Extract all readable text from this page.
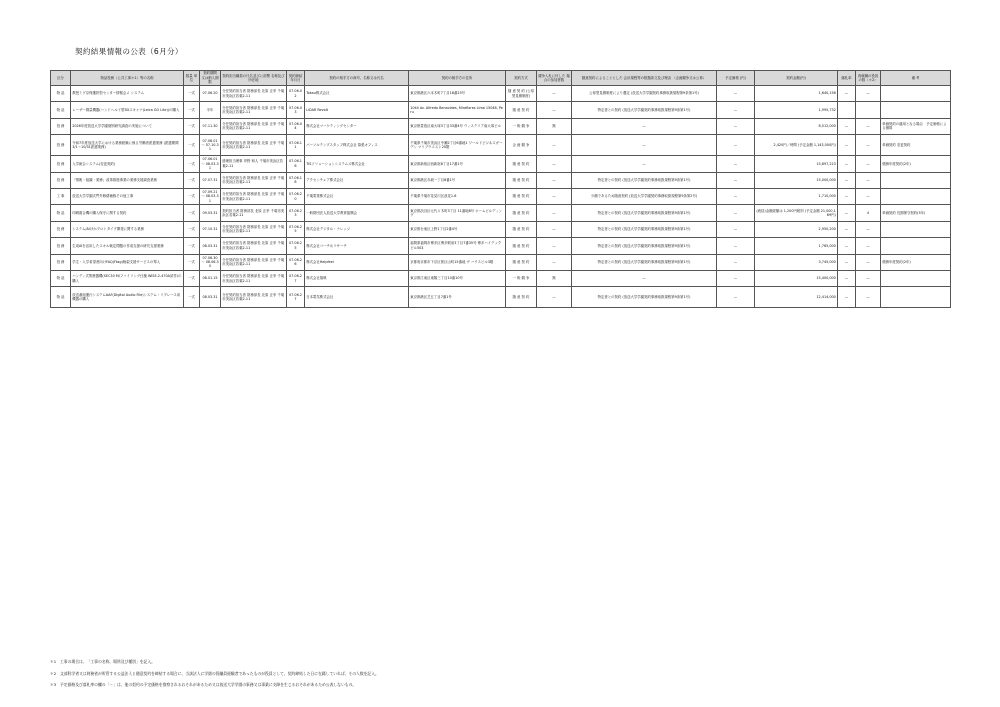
契約結果情報の公表（6月分）
区分	物品役務（公共工事＊1）等の名称	数量 単位	契約期間 又は納入期限	契約担当職員の氏名並びに部署 名称及び所在地	契約締結 年月日	契約の相手方の商号、名称又は氏名	契約の相手方の住所	契約方式	競争入札に付した 場合の参加者数	随意契約によることとした 会計規程等の根拠条文及び理由 （企画競争又は公募）	予定価格 (円)	契約金額(円)	落札率	再就職の役員 の数（＊2）	備 考
物 品	教授ミグ京保選択型センター情報会メ システム	一式	07.06.20	分任契約担当者 財務部長 北原 正孝 千葉市美浜区若葉2-11	07.06.02	Tokau株式会社	東京都港区六本木町7丁目18番23号	随 意 契 約 (公募型見積制度)	—	公募型見積制度により選定 (放送大学学園契約事務取扱規程第9条第1号)	—	1,640,156	—	—	
物 品	レーザー測量機器(ハンドヘルド型3Dスキャナ(Leica GO Lite))の購入	一式	半年	分任契約担当者 財務部長 北原 正孝 千葉市美浜区若葉2-11	07.06.03	LiDAR Revolt	1044 Av. Alfredo Benavides, Miraflores Lima 15048, Peru	随 意 契 約	—	特定者との契約 (放送大学学園契約事務取扱規程第9条第1号)	—	1,995,732			
役 務	2026年度放送大学学園個別研究調査の実施について	一式	07.11.30	分任契約担当者 財務部長 北原 正孝 千葉市美浜区若葉2-11	07.06.04	株式会社マーケティングセンター	東京都豊島区南大塚3丁目33番4号 ウィステリア南大塚ビル	一 般 競 争	無	—	—	8,512,000	—	—	単価契約の適用となる場合　予定価格による積算
役 務	令和7年度放送大学における業務経験に係る労働者派遣業務 (派遣期間 3/1～10/31派遣業務)	一式	07.08.01～ 07.10.31	分任契約担当者 財務部長 北原 正孝 千葉市美浜区若葉2-11	07.06.11	パーソルテンプスタッフ株式会社 幕張オフィス	千葉県千葉市美浜区中瀬2丁目6番地1 ワールドビジネスガーデン マリブウエスト20階	企 画 競 争	—	—	—	2,420円／時間 (予定金額 1,143,000円)	—	—	単価契約 変更契約
役 務	入学統合システム(変更契約)	一式	07.06.01～ 08.03.31	経理担当理事 岸野 和人 千葉市美浜区若葉2-11	07.06.16	TISソリューションシステムズ株式会社	東京都新宿区西新宿8丁目17番1号	随 意 契 約	—	—	—	15,897,223	—	—	債務年度契約(2年)
役 務	「情報・組織・業務」改革推進事業の業務支援調査業務	一式	07.07.31	分任契約担当者 財務部長 北原 正孝 千葉市美浜区若葉2-11	07.06.18	アクセンチュア株式会社	東京都港区赤坂一丁目8番1号	随 意 契 約	—	特定者との契約 (放送大学学園契約事務取扱規程第9条第1号)	—	15,000,000	—	—	
工 事	放送大学学園式門外修繕補修その他工事	一式	07.09.21～ 08.03.31	分任契約担当者 財務部長 北原 正孝 千葉市美浜区若葉2-11	07.06.20	千葉電業株式会社	千葉県千葉市花見川区浪花1-6	随 意 契 約	—	少額であるため随意契約 (放送大学学園契約事務取扱規程第9条第2号)	—	1,710,000	—	—	
物 品	印刷複合機の購入保守に関する契約	一式	09.03.31	契約担当者 財務部長 北原 正孝 千葉市美浜区若葉2-11	07.06.23	一般財団法人放送大学教育振興会	東京都渋谷区元代々木町3丁目 11番地8号 ホームビルディング	随 意 契 約	—	特定者との契約 (放送大学学園契約事務取扱規程第9条第1号)	—	(統括)金額総額は 1,200円税別 (予定金額 21,000,169円)	—	4	単価契約 長期保守契約(5年)
役 務	システム/AIほかプロトタイプ開発に関する業務	一式	07.10.31	分任契約担当者 財務部長 北原 正孝 千葉市美浜区若葉2-11	07.06.25	株式会社デジタル・ナレッジ	東京都台東区上野1丁目2番4号	随 意 契 約	—	特定者との契約 (放送大学学園契約事務取扱規程第9条第1号)	—	2,950,200	—	—	
役 務	生成AIを活用したスキル検定問題の作成支援の研究支援業務	一式	08.03.31	分任契約担当者 財務部長 北原 正孝 千葉市美浜区若葉2-11	07.06.25	株式会社コーチ＆リサーチ	福岡県福岡市博多区博多駅前3丁目7番35号 博多ハイテックビル503	随 意 契 約	—	特定者との契約 (放送大学学園契約事務取扱規程第9条第1号)	—	1,765,000	—	—	
役 務	学生・入学希望者向けFAQ(Ftag)検索支援サービスの導入	一式	07.06.30～ 08.06.30	分任契約担当者 財務部長 北原 正孝 千葉市美浜区若葉2-11	07.06.26	株式会社Helpfeel	京都府京都市下京区郭巨山町15番地 ザ ハウスビル3階	随 意 契 約	—	特定者との契約 (放送大学学園契約事務取扱規程第9条第1号)	—	3,745,000	—	—	債務年度契約(2年)
物 品	ハンディ式集塵器機(SEC30 M/ファイリング仕様 WISE-2-470A試作)の購入	一式	08.01.15	分任契約担当者 財務部長 北原 正孝 千葉市美浜区若葉2-11	07.06.27	株式会社翔映	東京都江東区東陽三丁目10番10号	一 般 競 争	無	—	—	15,400,000	—	—	
物 品	放送番組運行システムAAF(Digital Audio File)システム・リプレース用機器の購入	一式	08.03.31	分任契約担当者 財務部長 北原 正孝 千葉市美浜区若葉2-11	07.06.27	日本電気株式会社	東京都港区芝五丁目7番1号	随 意 契 約	—	特定者との契約 (放送大学学園契約事務取扱規程第9条第1号)	—	12,414,000	—	—	
＊1　工事の場合は、「工事の名称、場所及び種別」を記入。
＊2　文部科学省又は財務省が所管する公益法人と随意契約を締結する場合に、当該法人に学園の役職員経験者であったものが役員として、契約締結した日に在籍していれば、その人数を記入。
＊3　予定価格及び落札率の欄の「－」は、他の契約の予定価格を推察されるおそれがあるため又は放送大学学園の事務又は事業に支障を生じるおそれがあるため公表しないもの。
